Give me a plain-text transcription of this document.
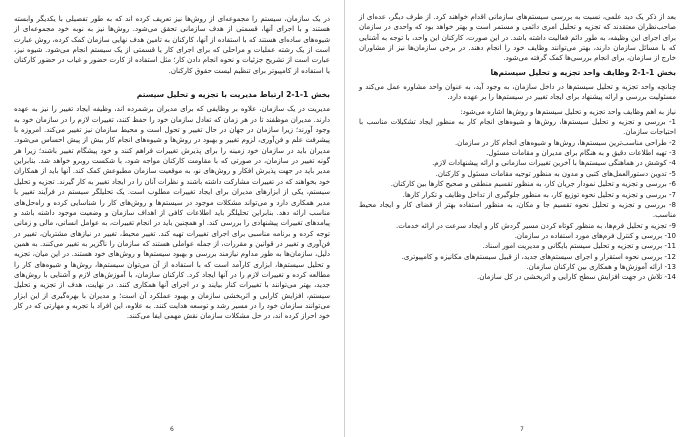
در یک سازمان، سیستم را مجموعه‌ای از روش‌ها نیز تعریف کرده اند که به طور تفصیلی با یکدیگر وابسته هستند و با اجرای آنها، قسمتی از هدف سازمانی تحقق می‌شود. روش‌ها نیز به نوبه خود مجموعه‌ای از شیوه‌های ساده‌ای هستند که با استفاده از آنها، کارکنان به تامین هدف نهایی سازمان کمک کرده، روش عبارت است از یک رشته عملیات و مراحلی که برای اجرای کار یا قسمتی از یک سیستم انجام می‌شود. شیوه نیز، عبارت است از تشریح جزئیات و نحوه انجام دادن کار؛ مثل استفاده از کارت حضور و غیاب در حضور کارکنان یا استفاده از کامپیوتر برای تنظیم لیست حقوق کارکنان.

بخش 1-1-2 ارتباط مدیریت با تجزیه و تحلیل سیستم

مدیریت در یک سازمان، علاوه بر وظایفی که برای مدیران برشمرده اند، وظیفه ایجاد تغییر را نیز به عهده دارند. مدیران موظفند تا در هر زمان که تعادل سازمان خود را حفظ کنند، تغییرات لازم را در سازمان خود به وجود آورند؛ زیرا سازمان در جهان در حال تغییر و تحول است و محیط سازمان نیز تغییر می‌کند. امروزه با پیشرفت علم و فن‌آوری، لزوم تغییر و بهبود در روش‌ها و شیوه‌های انجام کار بیش از پیش احساس می‌شود. مدیران باید در سازمان خود زمینه را برای پذیرش تغییرات فراهم کنند و خود پیشگام تغییر باشند؛ زیرا هر گونه تغییر در سازمان، در صورتی که با مقاومت کارکنان مواجه شود، با شکست روبرو خواهد شد. بنابراین مدیر باید در جهت پذیرش افکار و روش‌های نو، به موقعیت سازمان مطبوعش کمک کند. آنها باید از همکاران خود بخواهند که در تغییرات مشارکت داشته باشند و نظرات آنان را در ایجاد تغییر به کار گیرند. تجزیه و تحلیل سیستم، یکی از ابزارهای مدیران برای ایجاد تغییرات مطلوب است. یک تحلیلگر سیستم در فرآیند تغییر با مدیر همکاری دارد و می‌تواند مشکلات موجود در سیستم‌ها و روش‌های کار را شناسایی کرده و راه‌حل‌های مناسب ارائه دهد. بنابراین تحلیلگر باید اطلاعات کافی از اهداف سازمان و وضعیت موجود داشته باشد و پیامدهای تغییرات پیشنهادی را بررسی کند. او همچنین باید در انجام تغییرات، به عوامل انسانی، مالی و زمانی توجه کرده و برنامه مناسبی برای اجرای تغییرات تهیه کند. تغییر محیط، تغییر در نیازهای مشتریان، تغییر در فن‌آوری و تغییر در قوانین و مقررات، از جمله عواملی هستند که سازمان را ناگزیر به تغییر می‌کنند. به همین دلیل، سازمان‌ها به طور مداوم نیازمند بررسی و بهبود سیستم‌ها و روش‌های خود هستند. در این میان، تجزیه و تحلیل سیستم‌ها، ابزاری کارآمد است که با استفاده از آن می‌توان سیستم‌ها، روش‌ها و شیوه‌های کار را مطالعه کرده و تغییرات لازم را در آنها ایجاد کرد. کارکنان سازمان، با آموزش‌های لازم و آشنایی با روش‌های جدید، بهتر می‌توانند با تغییرات کنار بیایند و در اجرای آنها همکاری کنند. در نهایت، هدف از تجزیه و تحلیل سیستم، افزایش کارایی و اثربخشی سازمان و بهبود عملکرد آن است؛ و مدیران با بهره‌گیری از این ابزار می‌توانند سازمان خود را در مسیر رشد و توسعه هدایت کنند. به علاوه، این افراد با تجربه و مهارتی که در کار خود احراز کرده اند، در حل مشکلات سازمان نقش مهمی ایفا می‌کنند.

6

بعد از ذکر یک دید علمی، نسبت به بررسی سیستم‌های سازمانی اقدام خواهند کرد. از طرف دیگر، عده‌ای از صاحب‌نظران معتقدند که تجزیه و تحلیل امری دائمی و مستمر است و بهتر خواهد بود که واحدی در سازمان برای اجرای این وظیفه، به طور دائم فعالیت داشته باشد. در این صورت، کارکنان این واحد، با توجه به آشنایی که با مسائل سازمان دارند، بهتر می‌توانند وظایف خود را انجام دهند. در برخی سازمان‌ها نیز از مشاوران خارج از سازمان، برای انجام بررسی‌ها کمک گرفته می‌شود.

بخش 1-1-2 وظایف واحد تجزیه و تحلیل سیستم‌ها

چنانچه واحد تجزیه و تحلیل سیستم‌ها در داخل سازمان، به وجود آید، به عنوان واحد مشاوره عمل می‌کند و مسئولیت بررسی و ارائه پیشنهاد برای ایجاد تغییر در سیستم‌ها را بر عهده دارد.

نیاز به اهم وظایف واحد تجزیه و تحلیل سیستم‌ها و روش‌ها اشاره می‌شود:

1- بررسی و تجزیه و تحلیل سیستم‌ها، روش‌ها و شیوه‌های انجام کار به منظور ایجاد تشکیلات مناسب با احتیاجات سازمان.
2- طراحی مناسب‌ترین سیستم‌ها، روش‌ها و شیوه‌های انجام کار در سازمان.
3- تهیه اطلاعات دقیق و به هنگام برای مدیران و مقامات مسئول.
4- کوشش در هماهنگی سیستم‌ها با آخرین تغییرات سازمانی و ارائه پیشنهادات لازم.
5- تدوین دستورالعمل‌های کتبی و مدون به منظور توجیه مقامات مسئول و کارکنان.
6- بررسی و تجزیه و تحلیل نمودار جریان کار، به منظور تقسیم منطقی و صحیح کارها بین کارکنان.
7- بررسی و تجزیه و تحلیل نحوه توزیع کار، به منظور جلوگیری از تداخل وظایف و تکرار کارها.
8- بررسی و تجزیه و تحلیل نحوه تقسیم جا و مکان، به منظور استفاده بهتر از فضای کار و ایجاد محیط مناسب.
9- تجزیه و تحلیل فرم‌ها، به منظور کوتاه کردن مسیر گردش کار و ایجاد سرعت در ارائه خدمات.
10- بررسی و کنترل فرم‌های مورد استفاده در سازمان.
11- بررسی و تجزیه و تحلیل سیستم بایگانی و مدیریت امور اسناد.
12- بررسی نحوه استقرار و اجرای سیستم‌های جدید، از قبیل سیستم‌های مکانیزه و کامپیوتری.
13- ارائه آموزش‌ها و همکاری بین کارکنان سازمان.
14- تلاش در جهت افزایش سطح کارایی و اثربخشی در کل سازمان.
7
